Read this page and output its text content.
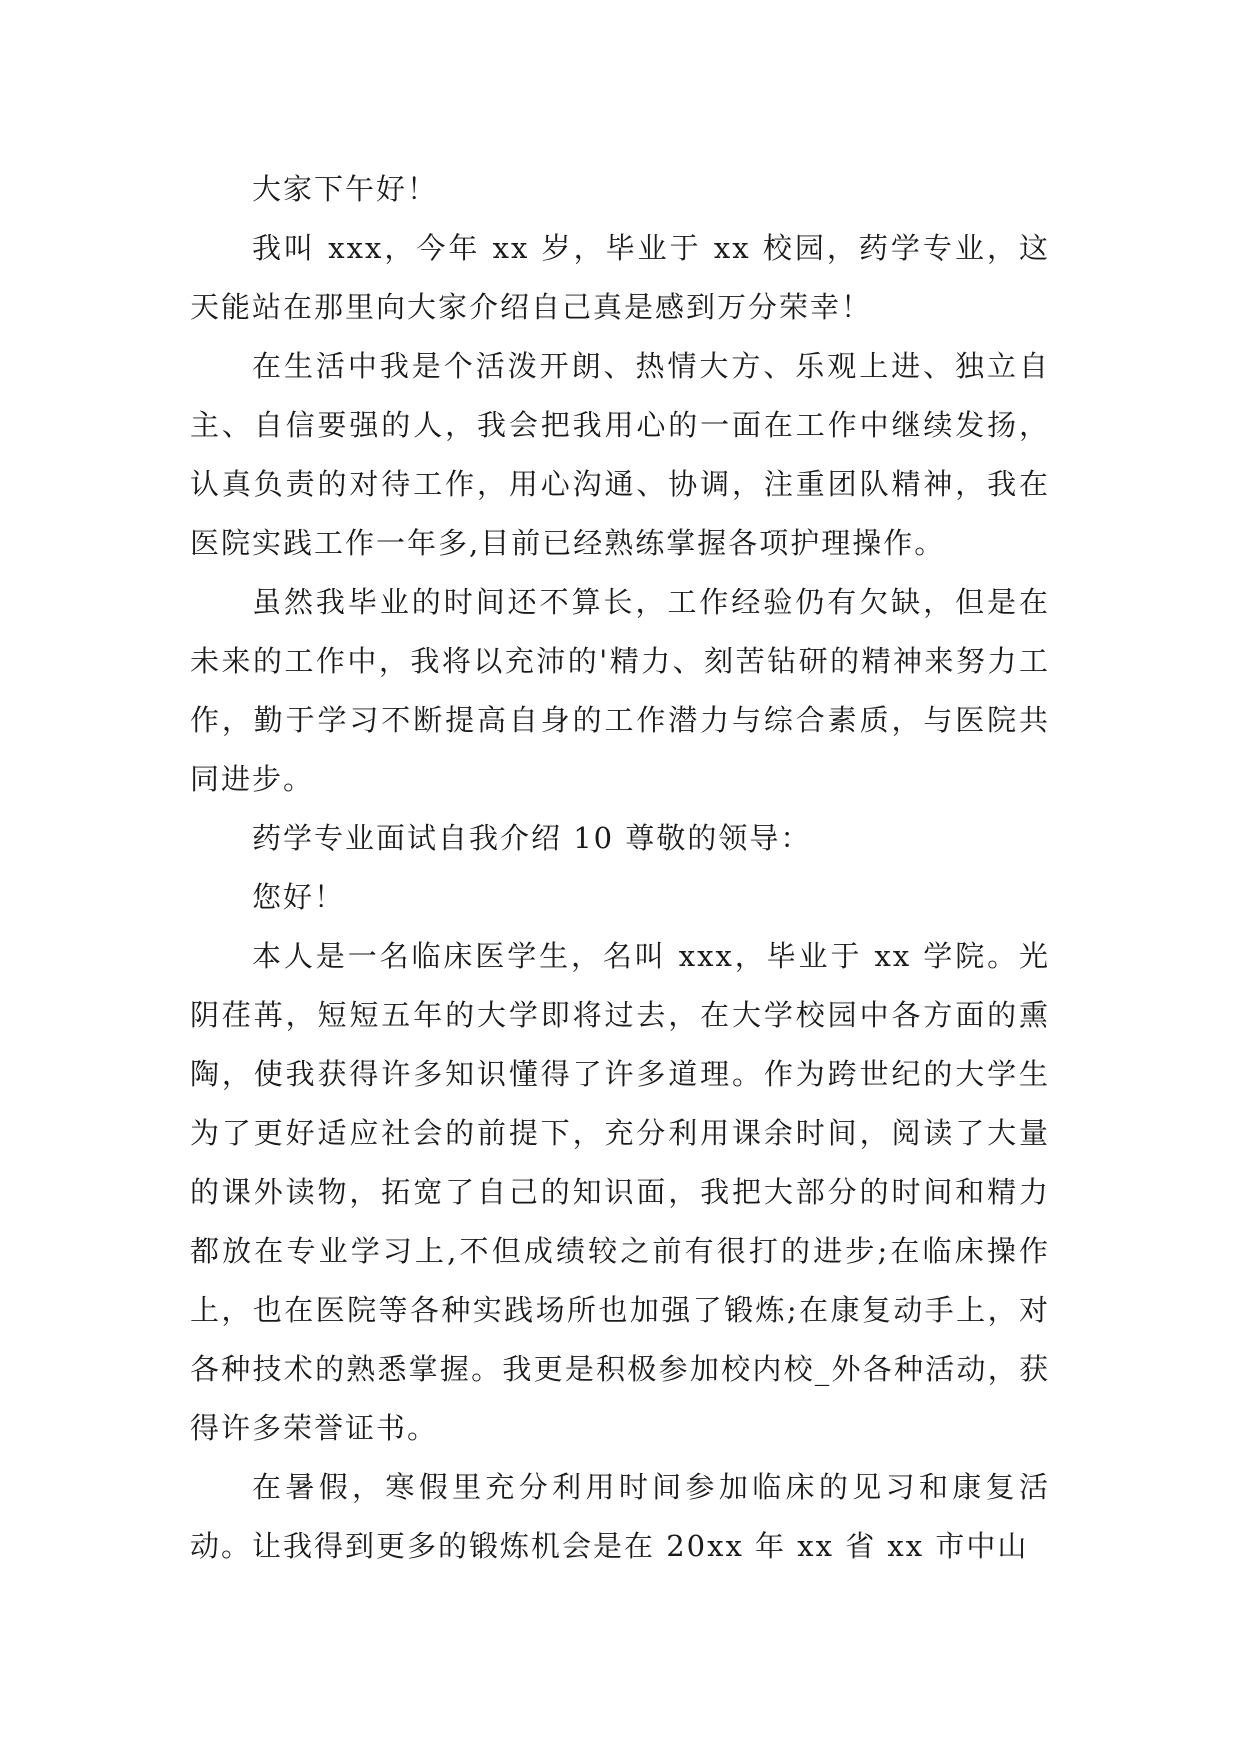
大家下午好！

我叫 xxx，今年 xx 岁，毕业于 xx 校园，药学专业，这天能站在那里向大家介绍自己真是感到万分荣幸！

在生活中我是个活泼开朗、热情大方、乐观上进、独立自主、自信要强的人，我会把我用心的一面在工作中继续发扬，认真负责的对待工作，用心沟通、协调，注重团队精神，我在医院实践工作一年多,目前已经熟练掌握各项护理操作。

虽然我毕业的时间还不算长，工作经验仍有欠缺，但是在未来的工作中，我将以充沛的'精力、刻苦钻研的精神来努力工作，勤于学习不断提高自身的工作潜力与综合素质，与医院共同进步。

药学专业面试自我介绍 10 尊敬的领导：

您好！

本人是一名临床医学生，名叫 xxx，毕业于 xx 学院。光阴荏苒，短短五年的大学即将过去，在大学校园中各方面的熏陶，使我获得许多知识懂得了许多道理。作为跨世纪的大学生为了更好适应社会的前提下，充分利用课余时间，阅读了大量的课外读物，拓宽了自己的知识面，我把大部分的时间和精力都放在专业学习上,不但成绩较之前有很打的进步;在临床操作上，也在医院等各种实践场所也加强了锻炼;在康复动手上，对各种技术的熟悉掌握。我更是积极参加校内校_外各种活动，获得许多荣誉证书。

在暑假，寒假里充分利用时间参加临床的见习和康复活动。让我得到更多的锻炼机会是在 20xx 年 xx 省 xx 市中山
